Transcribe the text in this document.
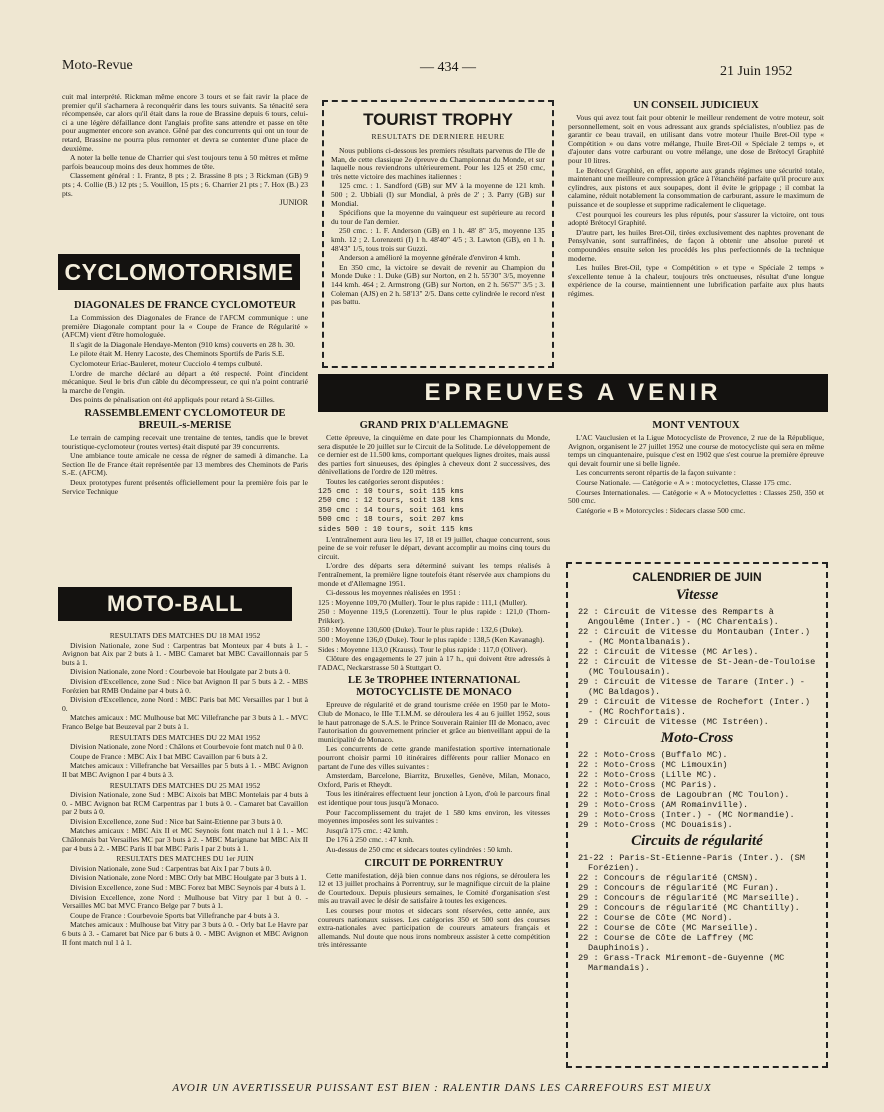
Moto-Revue	— 434 —	21 Juin 1952

cuit mal interprété. Rickman même encore 3 tours et se fait ravir la place de premier qu'il s'acharnera à reconquérir dans les tours suivants. Sa ténacité sera récompensée, car alors qu'il était dans la roue de Brassine depuis 6 tours, celui-ci a une légère défaillance dont l'anglais profite sans attendre et passe en tête pour augmenter encore son avance. Gêné par des concurrents qui ont un tour de retard, Brassine ne pourra plus remonter et devra se contenter d'une place de deuxième.

A noter la belle tenue de Charrier qui s'est toujours tenu à 50 mètres et même parfois beaucoup moins des deux hommes de tête.

Classement général : 1. Frantz, 8 pts ; 2. Brassine 8 pts ; 3 Rickman (GB) 9 pts ; 4. Collie (B.) 12 pts ; 5. Vouillon, 15 pts ; 6. Charrier 21 pts ; 7. Hox (B.) 23 pts.

JUNIOR
CYCLOMOTORISME
DIAGONALES DE FRANCE CYCLOMOTEUR

La Commission des Diagonales de France de l'AFCM communique : une première Diagonale comptant pour la « Coupe de France de Régularité » (AFCM) vient d'être homologuée.

Il s'agit de la Diagonale Hendaye-Menton (910 kms) couverts en 28 h. 30.

Le pilote était M. Henry Lacoste, des Cheminots Sportifs de Paris S.E.

Cyclomoteur Eriac-Bauleret, moteur Cucciolo 4 temps culbuté.

L'ordre de marche déclaré au départ a été respecté. Point d'incident mécanique. Seul le bris d'un câble du décompresseur, ce qui n'a point contrarié la marche de l'engin.

Des points de pénalisation ont été appliqués pour retard à St-Gilles.

RASSEMBLEMENT CYCLOMOTEUR DE BREUIL-s-MERISE

Le terrain de camping recevait une trentaine de tentes, tandis que le brevet touristique-cyclomoteur (routes vertes) était disputé par 39 concurrents.

Une ambiance toute amicale ne cessa de régner de samedi à dimanche. La Section Ile de France était représentée par 13 membres des Cheminots de Paris S.-E. (AFCM).

Deux prototypes furent présentés officiellement pour la première fois par le Service Technique

MOTO-BALL

RESULTATS DES MATCHES DU 18 MAI 1952

Division Nationale, zone Sud : Carpentras bat Monteux par 4 buts à 1. - Avignon bat Aix par 2 buts à 1. - MBC Camaret bat MBC Cavaillonnais par 5 buts à 1.

Division Nationale, zone Nord : Courbevoie bat Houlgate par 2 buts à 0.

Division d'Excellence, zone Sud : Nice bat Avignon II par 5 buts à 2. - MBS Forézien bat RMB Ondaine par 4 buts à 0.

Division d'Excellence, zone Nord : MBC Paris bat MC Versailles par 1 but à 0.

Matches amicaux : MC Mulhouse bat MC Villefranche par 3 buts à 1. - MVC Franco Belge bat Beuzeval par 2 buts à 1.

RESULTATS DES MATCHES DU 22 MAI 1952

Division Nationale, zone Nord : Châlons et Courbevoie font match nul 0 à 0.

Coupe de France : MBC Aix I bat MBC Cavaillon par 6 buts à 2.

Matches amicaux : Villefranche bat Versailles par 5 buts à 1. - MBC Avignon II bat MBC Avignon I par 4 buts à 3.

RESULTATS DES MATCHES DU 25 MAI 1952

Division Nationale, zone Sud : MBC Aixois bat MBC Montelais par 4 buts à 0. - MBC Avignon bat RCM Carpentras par 1 buts à 0. - Camaret bat Cavaillon par 2 buts à 0.

Division Excellence, zone Sud : Nice bat Saint-Etienne par 3 buts à 0.

Matches amicaux : MBC Aix II et MC Seynois font match nul 1 à 1. - MC Châlonnais bat Versailles MC par 3 buts à 2. - MBC Marignane bat MBC Aix II par 4 buts à 2. - MBC Paris II bat MBC Paris I par 2 buts à 1.

RESULTATS DES MATCHES DU 1er JUIN

Division Nationale, zone Sud : Carpentras bat Aix I par 7 buts à 0.

Division Nationale, zone Nord : MBC Orly bat MBC Houlgate par 3 buts à 1.

Division Excellence, zone Sud : MBC Forez bat MBC Seynois par 4 buts à 1.

Division Excellence, zone Nord : Mulhouse bat Vitry par 1 but à 0. - Versailles MC bat MVC Franco Belge par 7 buts à 1.

Coupe de France : Courbevoie Sports bat Villefranche par 4 buts à 3.

Matches amicaux : Mulhouse bat Vitry par 3 buts à 0. - Orly bat Le Havre par 6 buts à 3. - Camaret bat Nice par 6 buts à 0. - MBC Avignon et MBC Avignon II font match nul 1 à 1.

TOURIST TROPHY
RESULTATS DE DERNIERE HEURE

Nous publions ci-dessous les premiers résultats parvenus de l'Ile de Man, de cette classique 2e épreuve du Championnat du Monde, et sur laquelle nous reviendrons ultérieurement. Pour les 125 et 250 cmc, très nette victoire des machines italiennes :

125 cmc. : 1. Sandford (GB) sur MV à la moyenne de 121 kmh. 500 ; 2. Ubbiali (I) sur Mondial, à près de 2' ; 3. Parry (GB) sur Mondial.

Spécifions que la moyenne du vainqueur est supérieure au record du tour de l'an dernier.

250 cmc. : 1. F. Anderson (GB) en 1 h. 48' 8" 3/5, moyenne 135 kmh. 12 ; 2. Lorenzetti (I) 1 h. 48'40" 4/5 ; 3. Lawton (GB), en 1 h. 48'43" 1/5, tous trois sur Guzzi.

Anderson a amélioré la moyenne générale d'environ 4 kmh.

En 350 cmc, la victoire se devait de revenir au Champion du Monde Duke : 1. Duke (GB) sur Norton, en 2 h. 55'30" 3/5, moyenne 144 kmh. 464 ; 2. Armstrong (GB) sur Norton, en 2 h. 56'57" 3/5 ; 3. Coleman (AJS) en 2 h. 58'13" 2/5. Dans cette cylindrée le record n'est pas battu.

UN CONSEIL JUDICIEUX

Vous qui avez tout fait pour obtenir le meilleur rendement de votre moteur, soit personnellement, soit en vous adressant aux grands spécialistes, n'oubliez pas de garantir ce beau travail, en utilisant dans votre moteur l'huile Bret-Oil type « Compétition » ou dans votre mélange, l'huile Bret-Oil « Spéciale 2 temps », et d'ajouter dans votre carburant ou votre mélange, une dose de Brétocyl Graphité pour 10 litres.

Le Brétocyl Graphité, en effet, apporte aux grands régimes une sécurité totale, maintenant une meilleure compression grâce à l'étanchéité parfaite qu'il procure aux cylindres, aux pistons et aux soupapes, dont il évite le grippage ; il combat la calamine, réduit notablement la consommation de carburant, assure le maximum de puissance et de souplesse et supprime radicalement le cliquetage.

C'est pourquoi les coureurs les plus réputés, pour s'assurer la victoire, ont tous adopté Brétocyl Graphité.

D'autre part, les huiles Bret-Oil, tirées exclusivement des naphtes provenant de Pensylvanie, sont surraffinées, de façon à obtenir une absolue pureté et compoundées ensuite selon les procédés les plus perfectionnés de la technique moderne.

Les huiles Bret-Oil, type « Compétition » et type « Spéciale 2 temps » s'excellente tenue à la chaleur, toujours très onctueuses, résultat d'une longue expérience de la course, maintiennent une lubrification parfaite aux plus hauts régimes.

EPREUVES A VENIR
GRAND PRIX D'ALLEMAGNE

Cette épreuve, la cinquième en date pour les Championnats du Monde, sera disputée le 20 juillet sur le Circuit de la Solitude. Le développement de ce dernier est de 11.500 kms, comportant quelques lignes droites, mais aussi des parties fort sinueuses, des épingles à cheveux dont 2 successives, des dénivellations de l'ordre de 120 mètres.

Toutes les catégories seront disputées :

125 cmc : 10 tours, soit 115 kms

250 cmc : 12 tours, soit 138 kms

350 cmc : 14 tours, soit 161 kms

500 cmc : 18 tours, soit 207 kms

sides 500 : 10 tours, soit 115 kms

L'entraînement aura lieu les 17, 18 et 19 juillet, chaque concurrent, sous peine de se voir refuser le départ, devant accomplir au moins cinq tours du circuit.

L'ordre des départs sera déterminé suivant les temps réalisés à l'entraînement, la première ligne toutefois étant réservée aux champions du monde et d'Allemagne 1951.

Ci-dessous les moyennes réalisées en 1951 :

125 : Moyenne 109,70 (Muller). Tour le plus rapide : 111,1 (Muller).

250 : Moyenne 119,5 (Lorenzetti). Tour le plus rapide : 121,0 (Thorn-Prikker).

350 : Moyenne 130,600 (Duke). Tour le plus rapide : 132,6 (Duke).

500 : Moyenne 136,0 (Duke). Tour le plus rapide : 138,5 (Ken Kavanagh).

Sides : Moyenne 113,0 (Krauss). Tour le plus rapide : 117,0 (Oliver).

Clôture des engagements le 27 juin à 17 h., qui doivent être adressés à l'ADAC, Neckarstrasse 50 à Stuttgart O.

LE 3e TROPHEE INTERNATIONAL MOTOCYCLISTE DE MONACO

Epreuve de régularité et de grand tourisme créée en 1950 par le Moto-Club de Monaco, le IIIe T.I.M.M. se déroulera les 4 au 6 juillet 1952, sous le haut patronage de S.A.S. le Prince Souverain Rainier III de Monaco, avec l'autorisation du gouvernement princier et grâce au bienveillant appui de la municipalité de Monaco.

Les concurrents de cette grande manifestation sportive internationale pourront choisir parmi 10 itinéraires différents pour rallier Monaco en partant de l'une des villes suivantes :

Amsterdam, Barcelone, Biarritz, Bruxelles, Genève, Milan, Monaco, Oxford, Paris et Rheydt.

Tous les itinéraires effectuent leur jonction à Lyon, d'où le parcours final est identique pour tous jusqu'à Monaco.

Pour l'accomplissement du trajet de 1 580 kms environ, les vitesses moyennes imposées sont les suivantes :

Jusqu'à 175 cmc. : 42 kmh.

De 176 à 250 cmc. : 47 kmh.

Au-dessus de 250 cmc et sidecars toutes cylindrées : 50 kmh.

CIRCUIT DE PORRENTRUY

Cette manifestation, déjà bien connue dans nos régions, se déroulera les 12 et 13 juillet prochains à Porrentruy, sur le magnifique circuit de la plaine de Courtedoux. Depuis plusieurs semaines, le Comité d'organisation s'est mis au travail avec le désir de satisfaire à toutes les exigences.

Les courses pour motos et sidecars sont réservées, cette année, aux coureurs nationaux suisses. Les catégories 350 et 500 sont des courses extra-nationales avec participation de coureurs amateurs français et allemands. Nul doute que nous irons nombreux assister à cette compétition très intéressante

MONT VENTOUX

L'AC Vauclusien et la Ligue Motocycliste de Provence, 2 rue de la République, Avignon, organisent le 27 juillet 1952 une course de motocycliste qui sera en même temps un cinquantenaire, puisque c'est en 1902 que s'est courue la première épreuve qui devait fournir une si belle lignée.

Les concurrents seront répartis de la façon suivante :

Course Nationale. — Catégorie « A » : motocyclettes, Classe 175 cmc.

Courses Internationales. — Catégorie « A » Motocyclettes : Classes 250, 350 et 500 cmc.

Catégorie « B » Motorcycles : Sidecars classe 500 cmc.

CALENDRIER DE JUIN
Vitesse
22 : Circuit de Vitesse des Remparts à Angoulême (Inter.) - (MC Charentais).
22 : Circuit de Vitesse du Montauban (Inter.) - (MC Montalbanais).
22 : Circuit de Vitesse (MC Arles).
22 : Circuit de Vitesse de St-Jean-de-Touloise (MC Toulousain).
29 : Circuit de Vitesse de Tarare (Inter.) - (MC Baldagos).
29 : Circuit de Vitesse de Rochefort (Inter.) - (MC Rochfortais).
29 : Circuit de Vitesse (MC Istréen).
Moto-Cross
22 : Moto-Cross (Buffalo MC).
22 : Moto-Cross (MC Limouxin)
22 : Moto-Cross (Lille MC).
22 : Moto-Cross (MC Paris).
22 : Moto-Cross de Lagoubran (MC Toulon).
29 : Moto-Cross (AM Romainville).
29 : Moto-Cross (Inter.) - (MC Normandie).
29 : Moto-Cross (MC Douaisis).
Circuits de régularité
21-22 : Paris-St-Etienne-Paris (Inter.). (SM Forézien).
22 : Concours de régularité (CMSN).
29 : Concours de régularité (MC Furan).
29 : Concours de régularité (MC Marseille).
29 : Concours de régularité (MC Chantilly).
22 : Course de Côte (MC Nord).
22 : Course de Côte (MC Marseille).
22 : Course de Côte de Laffrey (MC Dauphinois).
29 : Grass-Track Miremont-de-Guyenne (MC Marmandais).
AVOIR UN AVERTISSEUR PUISSANT EST BIEN : RALENTIR DANS LES CARREFOURS EST MIEUX
